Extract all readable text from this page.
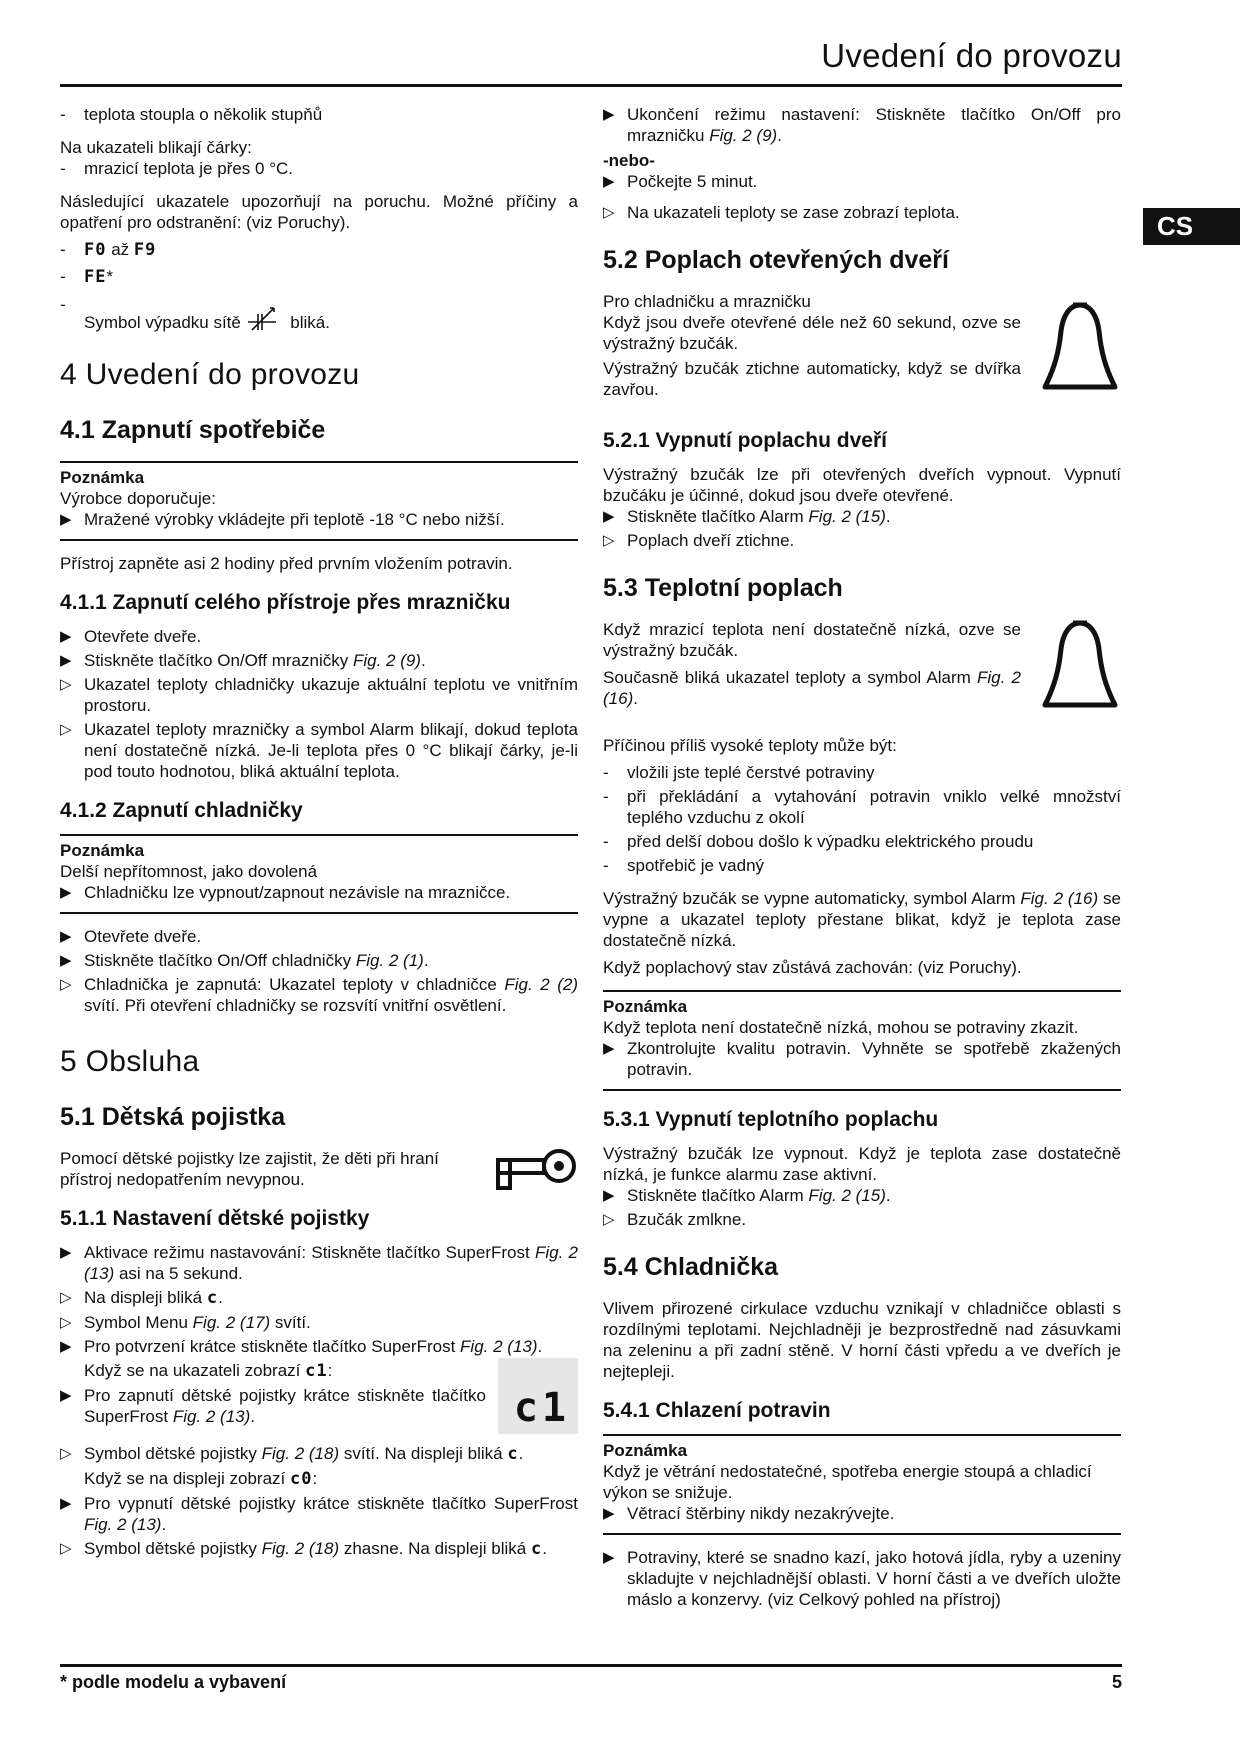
Uvedení do provozu
CS
-	teplota stoupla o několik stupňů

Na ukazateli blikají čárky:

-	mrazicí teplota je přes 0 °C.

Následující ukazatele upozorňují na poruchu. Možné příčiny a opatření pro odstranění: (viz Poruchy).

-	F0 až F9
-	FE*
-
Symbol výpadku sítě  bliká.
4 Uvedení do provozu
4.1 Zapnutí spotřebiče
Poznámka
Výrobce doporučuje:
▶ Mražené výrobky vkládejte při teplotě -18 °C nebo nižší.

Přístroj zapněte asi 2 hodiny před prvním vložením potravin.

4.1.1 Zapnutí celého přístroje přes mrazničku
▶ Otevřete dveře.
▶ Stiskněte tlačítko On/Off mrazničky Fig. 2 (9).
▷ Ukazatel teploty chladničky ukazuje aktuální teplotu ve vnitřním prostoru.
▷ Ukazatel teploty mrazničky a symbol Alarm blikají, dokud teplota není dostatečně nízká. Je-li teplota přes 0 °C blikají čárky, je-li pod touto hodnotou, bliká aktuální teplota.
4.1.2 Zapnutí chladničky
Poznámka
Delší nepřítomnost, jako dovolená
▶ Chladničku lze vypnout/zapnout nezávisle na mrazničce.
▶ Otevřete dveře.
▶ Stiskněte tlačítko On/Off chladničky Fig. 2 (1).
▷ Chladnička je zapnutá: Ukazatel teploty v chladničce Fig. 2 (2) svítí. Při otevření chladničky se rozsvítí vnitřní osvětlení.
5 Obsluha
5.1 Dětská pojistka

Pomocí dětské pojistky lze zajistit, že děti při hraní přístroj nedopatřením nevypnou.

5.1.1 Nastavení dětské pojistky
▶ Aktivace režimu nastavování: Stiskněte tlačítko SuperFrost Fig. 2 (13) asi na 5 sekund.
▷ Na displeji bliká c.
▷ Symbol Menu Fig. 2 (17) svítí.
▶ Pro potvrzení krátce stiskněte tlačítko SuperFrost Fig. 2 (13).
Když se na ukazateli zobrazí c1:
▶ Pro zapnutí dětské pojistky krátce stiskněte tlačítko SuperFrost Fig. 2 (13).	c1
▷ Symbol dětské pojistky Fig. 2 (18) svítí. Na displeji bliká c.
Když se na displeji zobrazí c0:
▶ Pro vypnutí dětské pojistky krátce stiskněte tlačítko SuperFrost Fig. 2 (13).
▷ Symbol dětské pojistky Fig. 2 (18) zhasne. Na displeji bliká c.
▶ Ukončení režimu nastavení: Stiskněte tlačítko On/Off pro mrazničku Fig. 2 (9).
-nebo-
▶ Počkejte 5 minut.
▷ Na ukazateli teploty se zase zobrazí teplota.
5.2 Poplach otevřených dveří

Pro chladničku a mrazničku

Když jsou dveře otevřené déle než 60 sekund, ozve se výstražný bzučák.

Výstražný bzučák ztichne automaticky, když se dvířka zavřou.

5.2.1 Vypnutí poplachu dveří

Výstražný bzučák lze při otevřených dveřích vypnout. Vypnutí bzučáku je účinné, dokud jsou dveře otevřené.

▶ Stiskněte tlačítko Alarm Fig. 2 (15).
▷ Poplach dveří ztichne.
5.3 Teplotní poplach

Když mrazicí teplota není dostatečně nízká, ozve se výstražný bzučák.

Současně bliká ukazatel teploty a symbol Alarm Fig. 2 (16).

Příčinou příliš vysoké teploty může být:

-	vložili jste teplé čerstvé potraviny
-	při překládání a vytahování potravin vniklo velké množství teplého vzduchu z okolí
-	před delší dobou došlo k výpadku elektrického proudu
-	spotřebič je vadný

Výstražný bzučák se vypne automaticky, symbol Alarm Fig. 2 (16) se vypne a ukazatel teploty přestane blikat, když je teplota zase dostatečně nízká.

Když poplachový stav zůstává zachován: (viz Poruchy).

Poznámka
Když teplota není dostatečně nízká, mohou se potraviny zkazit.
▶ Zkontrolujte kvalitu potravin. Vyhněte se spotřebě zkažených potravin.
5.3.1 Vypnutí teplotního poplachu

Výstražný bzučák lze vypnout. Když je teplota zase dostatečně nízká, je funkce alarmu zase aktivní.

▶ Stiskněte tlačítko Alarm Fig. 2 (15).
▷ Bzučák zmlkne.
5.4 Chladnička

Vlivem přirozené cirkulace vzduchu vznikají v chladničce oblasti s rozdílnými teplotami. Nejchladněji je bezprostředně nad zásuvkami na zeleninu a při zadní stěně. V horní části vpředu a ve dveřích je nejtepleji.

5.4.1 Chlazení potravin
Poznámka
Když je větrání nedostatečné, spotřeba energie stoupá a chladicí výkon se snižuje.
▶ Větrací štěrbiny nikdy nezakrývejte.
▶ Potraviny, které se snadno kazí, jako hotová jídla, ryby a uzeniny skladujte v nejchladnější oblasti. V horní části a ve dveřích uložte máslo a konzervy. (viz Celkový pohled na přístroj)
* podle modelu a vybavení	5
